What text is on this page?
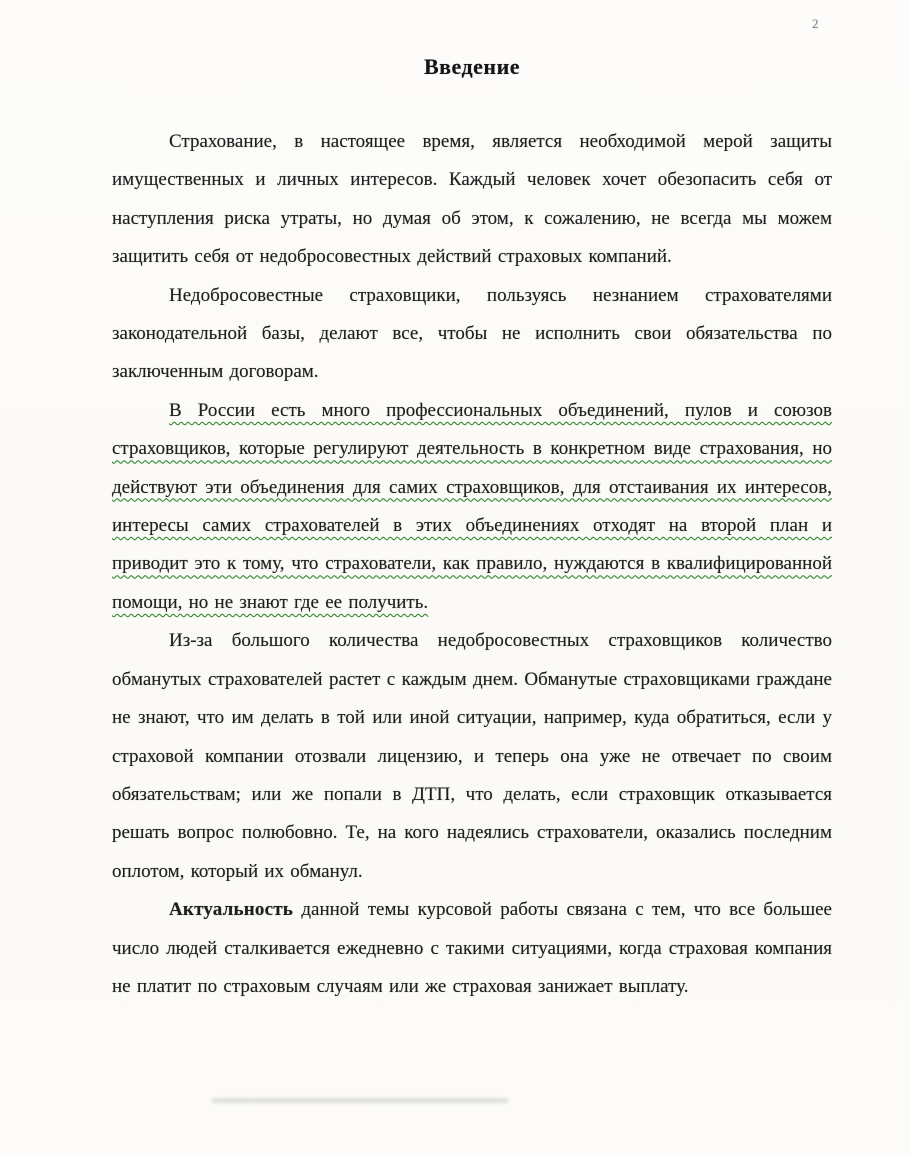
2
Введение

Страхование, в настоящее время, является необходимой мерой защиты имущественных и личных интересов. Каждый человек хочет обезопасить себя от наступления риска утраты, но думая об этом, к сожалению, не всегда мы можем защитить себя от недобросовестных действий страховых компаний.

Недобросовестные страховщики, пользуясь незнанием страхователями законодательной базы, делают все, чтобы не исполнить свои обязательства по заключенным договорам.

В России есть много профессиональных объединений, пулов и союзов страховщиков, которые регулируют деятельность в конкретном виде страхования, но действуют эти объединения для самих страховщиков, для отстаивания их интересов, интересы самих страхователей в этих объединениях отходят на второй план и приводит это к тому, что страхователи, как правило, нуждаются в квалифицированной помощи, но не знают где ее получить.

Из-за большого количества недобросовестных страховщиков количество обманутых страхователей растет с каждым днем. Обманутые страховщиками граждане не знают, что им делать в той или иной ситуации, например, куда обратиться, если у страховой компании отозвали лицензию, и теперь она уже не отвечает по своим обязательствам; или же попали в ДТП, что делать, если страховщик отказывается решать вопрос полюбовно. Те, на кого надеялись страхователи, оказались последним оплотом, который их обманул.

Актуальность данной темы курсовой работы связана с тем, что все большее число людей сталкивается ежедневно с такими ситуациями, когда страховая компания не платит по страховым случаям или же страховая занижает выплату.
